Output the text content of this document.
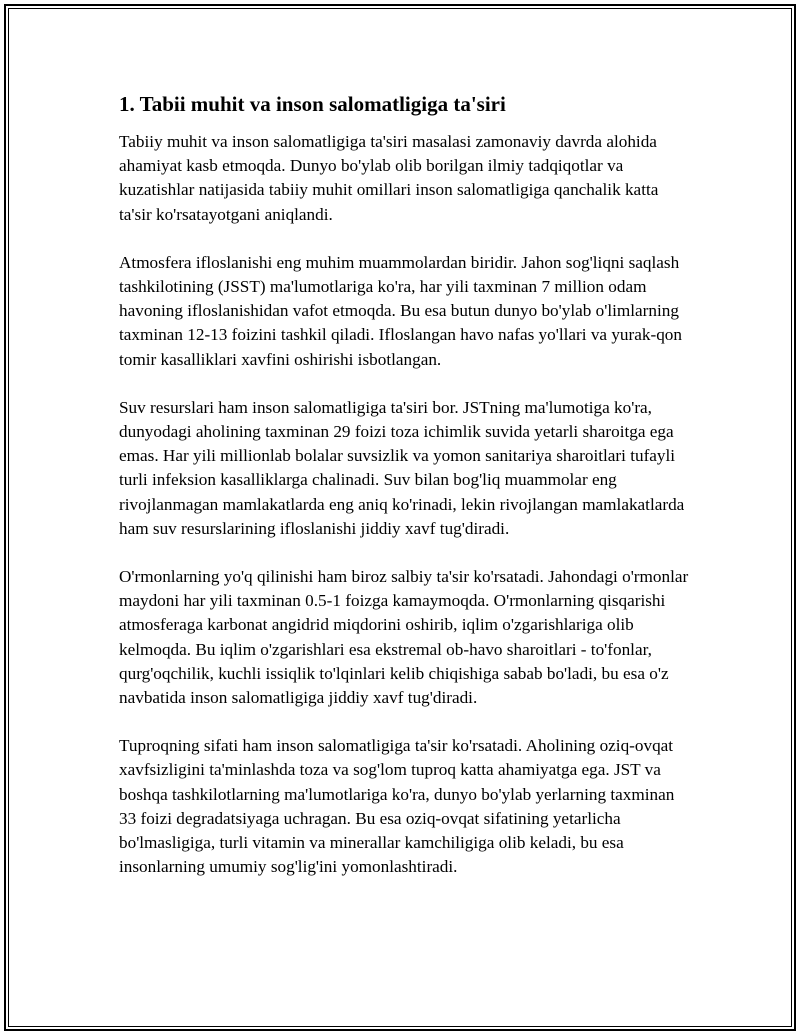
1. Tabii muhit va inson salomatligiga ta'siri

Tabiiy muhit va inson salomatligiga ta'siri masalasi zamonaviy davrda alohida ahamiyat kasb etmoqda. Dunyo bo'ylab olib borilgan ilmiy tadqiqotlar va kuzatishlar natijasida tabiiy muhit omillari inson salomatligiga qanchalik katta ta'sir ko'rsatayotgani aniqlandi.

Atmosfera ifloslanishi eng muhim muammolardan biridir. Jahon sog'liqni saqlash tashkilotining (JSST) ma'lumotlariga ko'ra, har yili taxminan 7 million odam havoning ifloslanishidan vafot etmoqda. Bu esa butun dunyo bo'ylab o'limlarning taxminan 12-13 foizini tashkil qiladi. Ifloslangan havo nafas yo'llari va yurak-qon tomir kasalliklari xavfini oshirishi isbotlangan.

Suv resurslari ham inson salomatligiga ta'siri bor. JSTning ma'lumotiga ko'ra, dunyodagi aholining taxminan 29 foizi toza ichimlik suvida yetarli sharoitga ega emas. Har yili millionlab bolalar suvsizlik va yomon sanitariya sharoitlari tufayli turli infeksion kasalliklarga chalinadi. Suv bilan bog'liq muammolar eng rivojlanmagan mamlakatlarda eng aniq ko'rinadi, lekin rivojlangan mamlakatlarda ham suv resurslarining ifloslanishi jiddiy xavf tug'diradi.

O'rmonlarning yo'q qilinishi ham biroz salbiy ta'sir ko'rsatadi. Jahondagi o'rmonlar maydoni har yili taxminan 0.5-1 foizga kamaymoqda. O'rmonlarning qisqarishi atmosferaga karbonat angidrid miqdorini oshirib, iqlim o'zgarishlariga olib kelmoqda. Bu iqlim o'zgarishlari esa ekstremal ob-havo sharoitlari - to'fonlar, qurg'oqchilik, kuchli issiqlik to'lqinlari kelib chiqishiga sabab bo'ladi, bu esa o'z navbatida inson salomatligiga jiddiy xavf tug'diradi.

Tuproqning sifati ham inson salomatligiga ta'sir ko'rsatadi. Aholining oziq-ovqat xavfsizligini ta'minlashda toza va sog'lom tuproq katta ahamiyatga ega. JST va boshqa tashkilotlarning ma'lumotlariga ko'ra, dunyo bo'ylab yerlarning taxminan 33 foizi degradatsiyaga uchragan. Bu esa oziq-ovqat sifatining yetarlicha bo'lmasligiga, turli vitamin va minerallar kamchiligiga olib keladi, bu esa insonlarning umumiy sog'lig'ini yomonlashtiradi.
